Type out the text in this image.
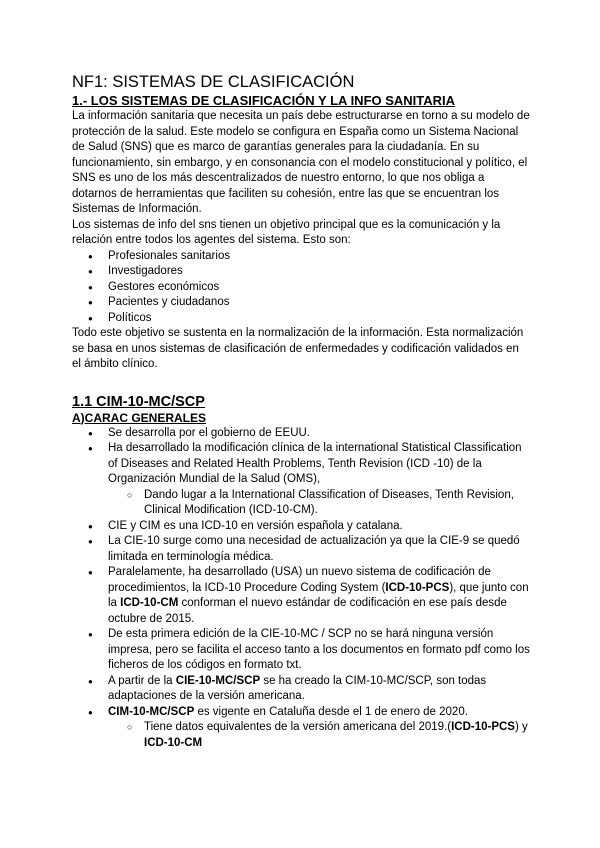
NF1: SISTEMAS DE CLASIFICACIÓN
1.- LOS SISTEMAS DE CLASIFICACIÓN Y LA INFO SANITARIA

La información sanitaria que necesita un país debe estructurarse en torno a su modelo de protección de la salud. Este modelo se configura en España como un Sistema Nacional de Salud (SNS) que es marco de garantías generales para la ciudadanía. En su funcionamiento, sin embargo, y en consonancia con el modelo constitucional y político, el SNS es uno de los más descentralizados de nuestro entorno, lo que nos obliga a dotarnos de herramientas que faciliten su cohesión, entre las que se encuentran los Sistemas de Información.

Los sistemas de info del sns tienen un objetivo principal que es la comunicación y la relación entre todos los agentes del sistema. Esto son:

● Profesionales sanitarios
● Investigadores
● Gestores económicos
● Pacientes y ciudadanos
● Políticos

Todo este objetivo se sustenta en la normalización de la información. Esta normalización se basa en unos sistemas de clasificación de enfermedades y codificación validados en el ámbito clínico.

1.1 CIM-10-MC/SCP
A)CARAC GENERALES
● Se desarrolla por el gobierno de EEUU.
● Ha desarrollado la modificación clínica de la international Statistical Classification of Diseases and Related Health Problems, Tenth Revision (ICD -10) de la Organización Mundial de la Salud (OMS),
○ Dando lugar a la International Classification of Diseases, Tenth Revision, Clinical Modification (ICD-10-CM).
● CIE y CIM es una ICD-10 en versión española y catalana.
● La CIE-10 surge como una necesidad de actualización ya que la CIE-9 se quedó limitada en terminología médica.
● Paralelamente, ha desarrollado (USA) un nuevo sistema de codificación de procedimientos, la ICD-10 Procedure Coding System (ICD-10-PCS), que junto con la ICD-10-CM conforman el nuevo estándar de codificación en ese país desde octubre de 2015.
● De esta primera edición de la CIE-10-MC / SCP no se hará ninguna versión impresa, pero se facilita el acceso tanto a los documentos en formato pdf como los ficheros de los códigos en formato txt.
● A partir de la CIE-10-MC/SCP se ha creado la CIM-10-MC/SCP, son todas adaptaciones de la versión americana.
● CIM-10-MC/SCP es vigente en Cataluña desde el 1 de enero de 2020.
○ Tiene datos equivalentes de la versión americana del 2019.(ICD-10-PCS) y ICD-10-CM
